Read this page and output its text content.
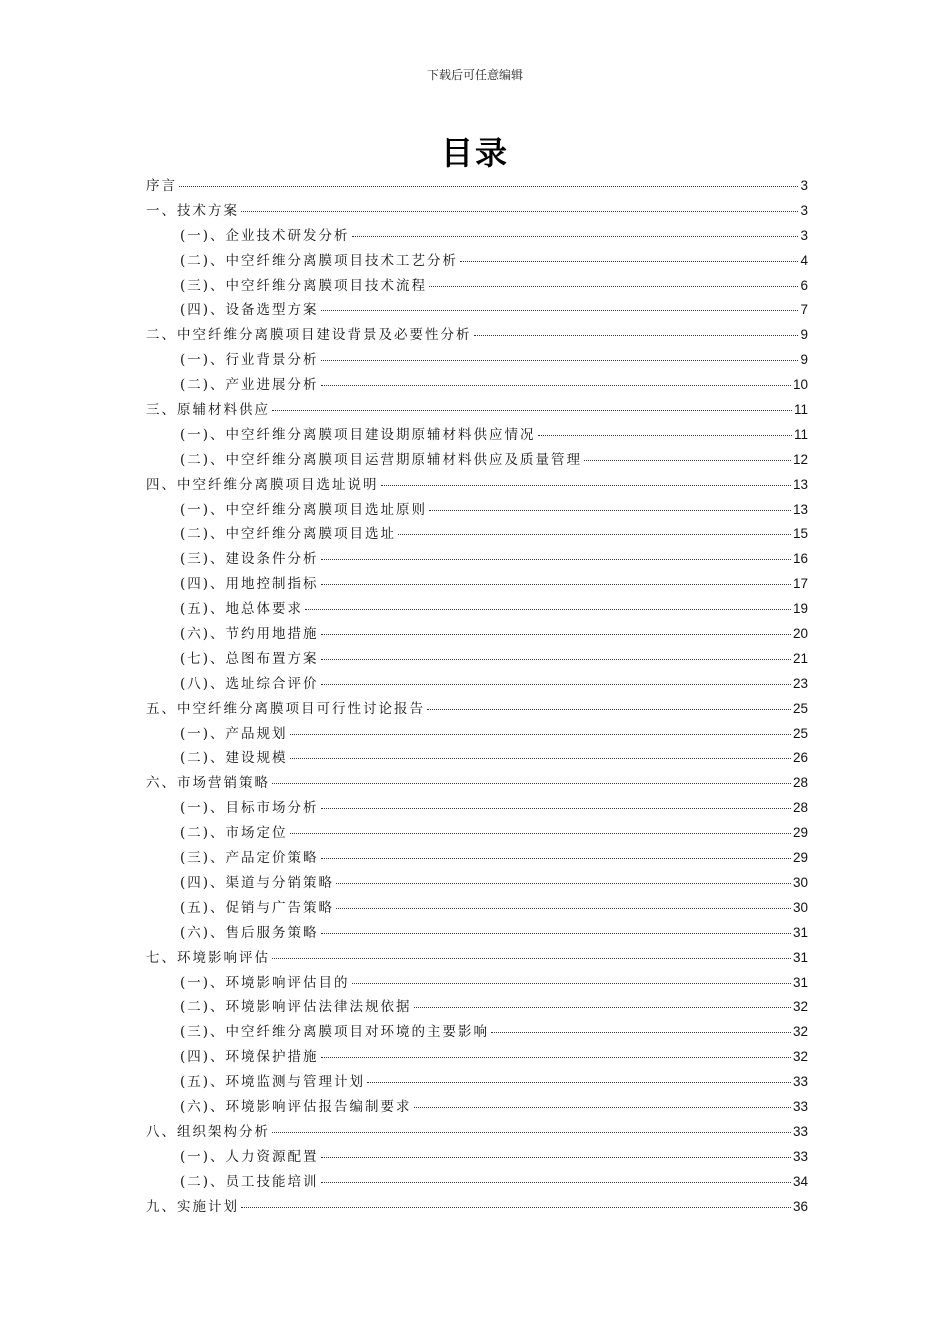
下载后可任意编辑
目录
序言	3
一、技术方案	3
(一)、企业技术研发分析	3
(二)、中空纤维分离膜项目技术工艺分析	4
(三)、中空纤维分离膜项目技术流程	6
(四)、设备选型方案	7
二、中空纤维分离膜项目建设背景及必要性分析	9
(一)、行业背景分析	9
(二)、产业进展分析	10
三、原辅材料供应	11
(一)、中空纤维分离膜项目建设期原辅材料供应情况	11
(二)、中空纤维分离膜项目运营期原辅材料供应及质量管理	12
四、中空纤维分离膜项目选址说明	13
(一)、中空纤维分离膜项目选址原则	13
(二)、中空纤维分离膜项目选址	15
(三)、建设条件分析	16
(四)、用地控制指标	17
(五)、地总体要求	19
(六)、节约用地措施	20
(七)、总图布置方案	21
(八)、选址综合评价	23
五、中空纤维分离膜项目可行性讨论报告	25
(一)、产品规划	25
(二)、建设规模	26
六、市场营销策略	28
(一)、目标市场分析	28
(二)、市场定位	29
(三)、产品定价策略	29
(四)、渠道与分销策略	30
(五)、促销与广告策略	30
(六)、售后服务策略	31
七、环境影响评估	31
(一)、环境影响评估目的	31
(二)、环境影响评估法律法规依据	32
(三)、中空纤维分离膜项目对环境的主要影响	32
(四)、环境保护措施	32
(五)、环境监测与管理计划	33
(六)、环境影响评估报告编制要求	33
八、组织架构分析	33
(一)、人力资源配置	33
(二)、员工技能培训	34
九、实施计划	36
